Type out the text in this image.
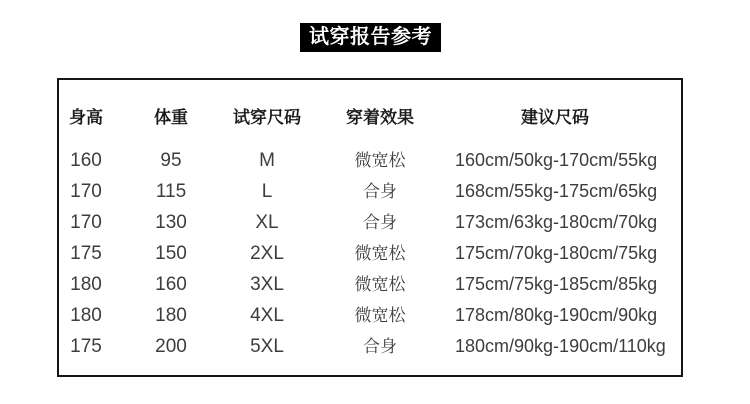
试穿报告参考
身高	体重	试穿尺码	穿着效果	建议尺码
160	95	M	微宽松	160cm/50kg-170cm/55kg
170	115	L	合身	168cm/55kg-175cm/65kg
170	130	XL	合身	173cm/63kg-180cm/70kg
175	150	2XL	微宽松	175cm/70kg-180cm/75kg
180	160	3XL	微宽松	175cm/75kg-185cm/85kg
180	180	4XL	微宽松	178cm/80kg-190cm/90kg
175	200	5XL	合身	180cm/90kg-190cm/110kg
